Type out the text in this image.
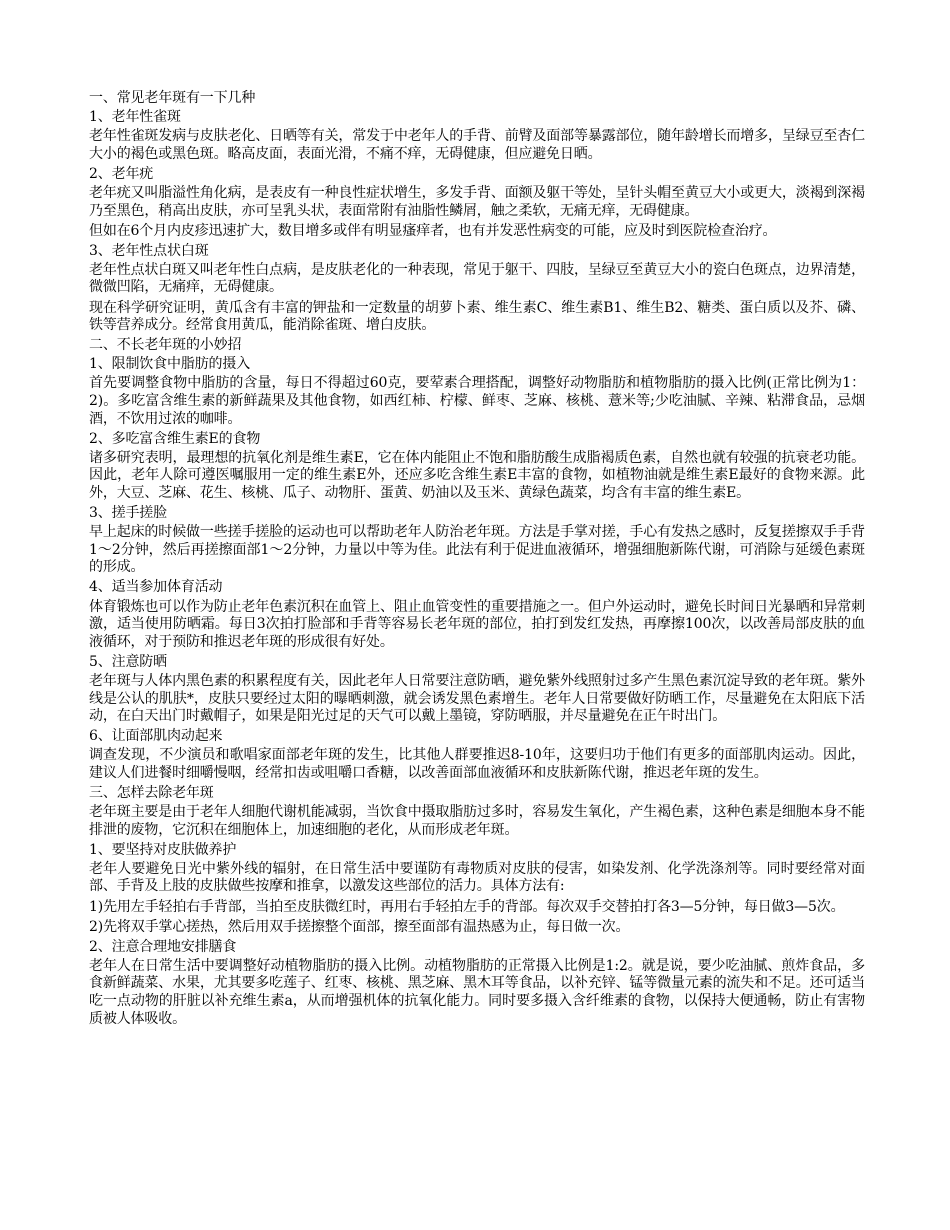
一、常见老年斑有一下几种

1、老年性雀斑

老年性雀斑发病与皮肤老化、日晒等有关，常发于中老年人的手背、前臂及面部等暴露部位，随年龄增长而增多，呈绿豆至杏仁大小的褐色或黑色斑。略高皮面，表面光滑，不痛不痒，无碍健康，但应避免日晒。

2、老年疣

老年疣又叫脂溢性角化病，是表皮有一种良性症状增生，多发手背、面额及躯干等处，呈针头帽至黄豆大小或更大，淡褐到深褐乃至黑色，稍高出皮肤，亦可呈乳头状，表面常附有油脂性鳞屑，触之柔软，无痛无痒，无碍健康。

但如在6个月内皮疹迅速扩大，数目增多或伴有明显瘙痒者，也有并发恶性病变的可能，应及时到医院检查治疗。

3、老年性点状白斑

老年性点状白斑又叫老年性白点病，是皮肤老化的一种表现，常见于躯干、四肢，呈绿豆至黄豆大小的瓷白色斑点，边界清楚，微微凹陷，无痛痒，无碍健康。

现在科学研究证明，黄瓜含有丰富的钾盐和一定数量的胡萝卜素、维生素C、维生素B1、维生B2、糖类、蛋白质以及芥、磷、铁等营养成分。经常食用黄瓜，能消除雀斑、增白皮肤。

二、不长老年斑的小妙招

1、限制饮食中脂肪的摄入

首先要调整食物中脂肪的含量，每日不得超过60克，要荤素合理搭配，调整好动物脂肪和植物脂肪的摄入比例(正常比例为1：2)。多吃富含维生素的新鲜蔬果及其他食物，如西红柿、柠檬、鲜枣、芝麻、核桃、薏米等;少吃油腻、辛辣、粘滞食品，忌烟酒，不饮用过浓的咖啡。

2、多吃富含维生素E的食物

诸多研究表明，最理想的抗氧化剂是维生素E，它在体内能阻止不饱和脂肪酸生成脂褐质色素，自然也就有较强的抗衰老功能。因此，老年人除可遵医嘱服用一定的维生素E外，还应多吃含维生素E丰富的食物，如植物油就是维生素E最好的食物来源。此外，大豆、芝麻、花生、核桃、瓜子、动物肝、蛋黄、奶油以及玉米、黄绿色蔬菜，均含有丰富的维生素E。

3、搓手搓脸

早上起床的时候做一些搓手搓脸的运动也可以帮助老年人防治老年斑。方法是手掌对搓，手心有发热之感时，反复搓擦双手手背1～2分钟，然后再搓擦面部1～2分钟，力量以中等为佳。此法有利于促进血液循环，增强细胞新陈代谢，可消除与延缓色素斑的形成。

4、适当参加体育活动

体育锻炼也可以作为防止老年色素沉积在血管上、阻止血管变性的重要措施之一。但户外运动时，避免长时间日光暴晒和异常刺激，适当使用防晒霜。每日3次拍打脸部和手背等容易长老年斑的部位，拍打到发红发热，再摩擦100次，以改善局部皮肤的血液循环，对于预防和推迟老年斑的形成很有好处。

5、注意防晒

老年斑与人体内黑色素的积累程度有关，因此老年人日常要注意防晒，避免紫外线照射过多产生黑色素沉淀导致的老年斑。紫外线是公认的肌肤*，皮肤只要经过太阳的曝晒刺激，就会诱发黑色素增生。老年人日常要做好防晒工作，尽量避免在太阳底下活动，在白天出门时戴帽子，如果是阳光过足的天气可以戴上墨镜，穿防晒服，并尽量避免在正午时出门。

6、让面部肌肉动起来

调查发现，不少演员和歌唱家面部老年斑的发生，比其他人群要推迟8-10年，这要归功于他们有更多的面部肌肉运动。因此，建议人们进餐时细嚼慢咽，经常扣齿或咀嚼口香糖，以改善面部血液循环和皮肤新陈代谢，推迟老年斑的发生。

三、怎样去除老年斑

老年斑主要是由于老年人细胞代谢机能减弱，当饮食中摄取脂肪过多时，容易发生氧化，产生褐色素，这种色素是细胞本身不能排泄的废物，它沉积在细胞体上，加速细胞的老化，从而形成老年斑。

1、要坚持对皮肤做养护

老年人要避免日光中紫外线的辐射，在日常生活中要谨防有毒物质对皮肤的侵害，如染发剂、化学洗涤剂等。同时要经常对面部、手背及上肢的皮肤做些按摩和推拿，以激发这些部位的活力。具体方法有:

1)先用左手轻拍右手背部，当拍至皮肤微红时，再用右手轻拍左手的背部。每次双手交替拍打各3—5分钟，每日做3—5次。

2)先将双手掌心搓热，然后用双手搓擦整个面部，擦至面部有温热感为止，每日做一次。

2、注意合理地安排膳食

老年人在日常生活中要调整好动植物脂肪的摄入比例。动植物脂肪的正常摄入比例是1:2。就是说，要少吃油腻、煎炸食品，多食新鲜蔬菜、水果，尤其要多吃莲子、红枣、核桃、黑芝麻、黑木耳等食品，以补充锌、锰等微量元素的流失和不足。还可适当吃一点动物的肝脏以补充维生素a，从而增强机体的抗氧化能力。同时要多摄入含纤维素的食物，以保持大便通畅，防止有害物质被人体吸收。
